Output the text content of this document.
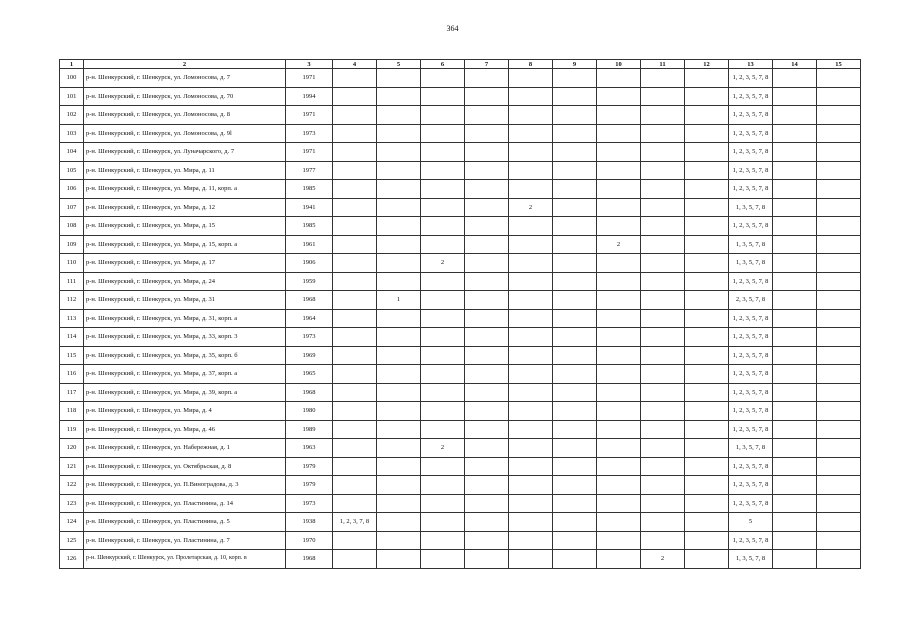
364
1	2	3	4	5	6	7	8	9	10	11	12	13	14	15
100	р-н. Шенкурский, г. Шенкурск, ул. Ломоносова, д. 7	1971										1, 2, 3, 5, 7, 8		
101	р-н. Шенкурский, г. Шенкурск, ул. Ломоносова, д. 70	1994										1, 2, 3, 5, 7, 8		
102	р-н. Шенкурский, г. Шенкурск, ул. Ломоносова, д. 8	1971										1, 2, 3, 5, 7, 8		
103	р-н. Шенкурский, г. Шенкурск, ул. Ломоносова, д. 9l	1973										1, 2, 3, 5, 7, 8		
104	р-н. Шенкурский, г. Шенкурск, ул. Луначарского, д. 7	1971										1, 2, 3, 5, 7, 8		
105	р-н. Шенкурский, г. Шенкурск, ул. Мира, д. 11	1977										1, 2, 3, 5, 7, 8		
106	р-н. Шенкурский, г. Шенкурск, ул. Мира, д. 11, корп. а	1985										1, 2, 3, 5, 7, 8		
107	р-н. Шенкурский, г. Шенкурск, ул. Мира, д. 12	1941					2					1, 3, 5, 7, 8		
108	р-н. Шенкурский, г. Шенкурск, ул. Мира, д. 15	1985										1, 2, 3, 5, 7, 8		
109	р-н. Шенкурский, г. Шенкурск, ул. Мира, д. 15, корп. а	1961							2			1, 3, 5, 7, 8		
110	р-н. Шенкурский, г. Шенкурск, ул. Мира, д. 17	1906			2							1, 3, 5, 7, 8		
111	р-н. Шенкурский, г. Шенкурск, ул. Мира, д. 24	1959										1, 2, 3, 5, 7, 8		
112	р-н. Шенкурский, г. Шенкурск, ул. Мира, д. 31	1968		1								2, 3, 5, 7, 8		
113	р-н. Шенкурский, г. Шенкурск, ул. Мира, д. 31, корп. а	1964										1, 2, 3, 5, 7, 8		
114	р-н. Шенкурский, г. Шенкурск, ул. Мира, д. 33, корп. 3	1973										1, 2, 3, 5, 7, 8		
115	р-н. Шенкурский, г. Шенкурск, ул. Мира, д. 35, корп. б	1969										1, 2, 3, 5, 7, 8		
116	р-н. Шенкурский, г. Шенкурск, ул. Мира, д. 37, корп. а	1965										1, 2, 3, 5, 7, 8		
117	р-н. Шенкурский, г. Шенкурск, ул. Мира, д. 39, корп. а	1968										1, 2, 3, 5, 7, 8		
118	р-н. Шенкурский, г. Шенкурск, ул. Мира, д. 4	1980										1, 2, 3, 5, 7, 8		
119	р-н. Шенкурский, г. Шенкурск, ул. Мира, д. 46	1989										1, 2, 3, 5, 7, 8		
120	р-н. Шенкурский, г. Шенкурск, ул. Набережная, д. 1	1963			2							1, 3, 5, 7, 8		
121	р-н. Шенкурский, г. Шенкурск, ул. Октябрьская, д. 8	1979										1, 2, 3, 5, 7, 8		
122	р-н. Шенкурский, г. Шенкурск, ул. П.Виноградова, д. 3	1979										1, 2, 3, 5, 7, 8		
123	р-н. Шенкурский, г. Шенкурск, ул. Пластинина, д. 14	1973										1, 2, 3, 5, 7, 8		
124	р-н. Шенкурский, г. Шенкурск, ул. Пластинина, д. 5	1938	1, 2, 3, 7, 8									5		
125	р-н. Шенкурский, г. Шенкурск, ул. Пластинина, д. 7	1970										1, 2, 3, 5, 7, 8		
126	р-н. Шенкурский, г. Шенкурск, ул. Пролетарская, д. 10, корп. в	1968								2		1, 3, 5, 7, 8		
